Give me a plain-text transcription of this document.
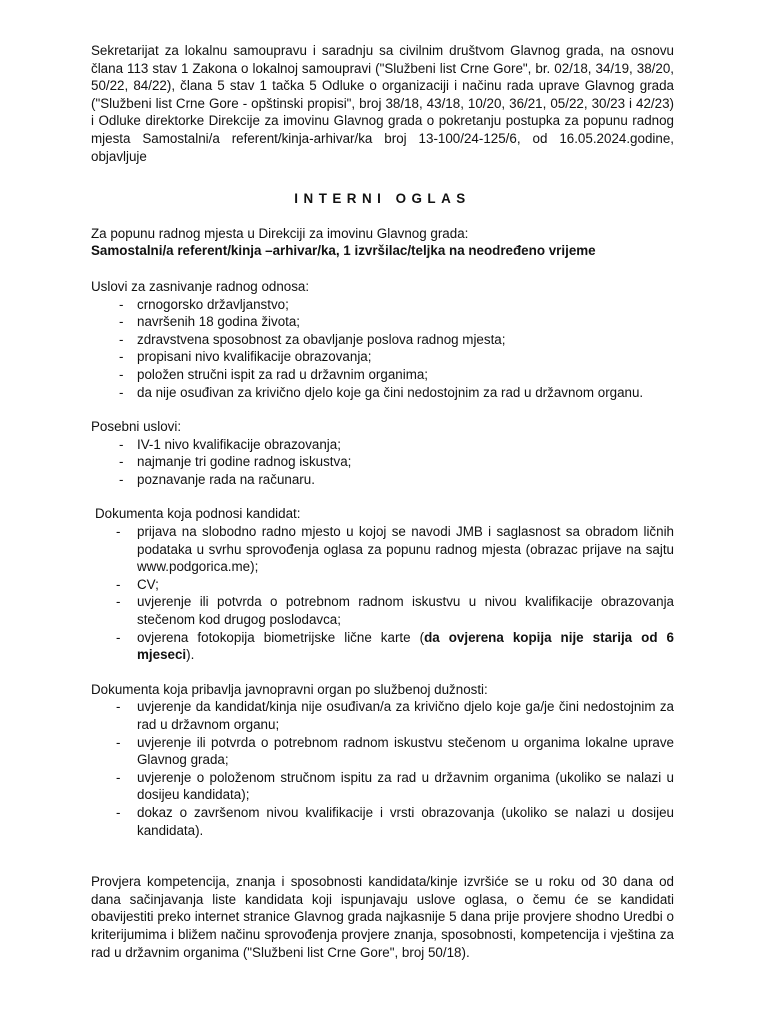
Sekretarijat za lokalnu samoupravu i saradnju sa civilnim društvom Glavnog grada, na osnovu člana 113 stav 1 Zakona o lokalnoj samoupravi ("Službeni list Crne Gore", br. 02/18, 34/19, 38/20, 50/22, 84/22), člana 5 stav 1 tačka 5 Odluke o organizaciji i načinu rada uprave Glavnog grada ("Službeni list Crne Gore - opštinski propisi", broj 38/18, 43/18, 10/20, 36/21, 05/22, 30/23 i 42/23) i Odluke direktorke Direkcije za imovinu Glavnog grada o pokretanju postupka za popunu radnog mjesta Samostalni/a referent/kinja-arhivar/ka broj 13-100/24-125/6, od 16.05.2024.godine, objavljuje

INTERNI OGLAS

Za popunu radnog mjesta u Direkciji za imovinu Glavnog grada:

Samostalni/a referent/kinja –arhivar/ka, 1 izvršilac/teljka na neodređeno vrijeme

Uslovi za zasnivanje radnog odnosa:

- crnogorsko državljanstvo;
- navršenih 18 godina života;
- zdravstvena sposobnost za obavljanje poslova radnog mjesta;
- propisani nivo kvalifikacije obrazovanja;
- položen stručni ispit za rad u državnim organima;
- da nije osuđivan za krivično djelo koje ga čini nedostojnim za rad u državnom organu.

Posebni uslovi:

- IV-1 nivo kvalifikacije obrazovanja;
- najmanje tri godine radnog iskustva;
- poznavanje rada na računaru.

Dokumenta koja podnosi kandidat:

- prijava na slobodno radno mjesto u kojoj se navodi JMB i saglasnost sa obradom ličnih podataka u svrhu sprovođenja oglasa za popunu radnog mjesta (obrazac prijave na sajtu www.podgorica.me);
- CV;
- uvjerenje ili potvrda o potrebnom radnom iskustvu u nivou kvalifikacije obrazovanja stečenom kod drugog poslodavca;
- ovjerena fotokopija biometrijske lične karte (da ovjerena kopija nije starija od 6 mjeseci).

Dokumenta koja pribavlja javnopravni organ po službenoj dužnosti:

- uvjerenje da kandidat/kinja nije osuđivan/a za krivično djelo koje ga/je čini nedostojnim za rad u državnom organu;
- uvjerenje ili potvrda o potrebnom radnom iskustvu stečenom u organima lokalne uprave Glavnog grada;
- uvjerenje o položenom stručnom ispitu za rad u državnim organima (ukoliko se nalazi u dosijeu kandidata);
- dokaz o završenom nivou kvalifikacije i vrsti obrazovanja (ukoliko se nalazi u dosijeu kandidata).

Provjera kompetencija, znanja i sposobnosti kandidata/kinje izvršiće se u roku od 30 dana od dana sačinjavanja liste kandidata koji ispunjavaju uslove oglasa, o čemu će se kandidati obavijestiti preko internet stranice Glavnog grada najkasnije 5 dana prije provjere shodno Uredbi o kriterijumima i bližem načinu sprovođenja provjere znanja, sposobnosti, kompetencija i vještina za rad u državnim organima ("Službeni list Crne Gore", broj 50/18).
